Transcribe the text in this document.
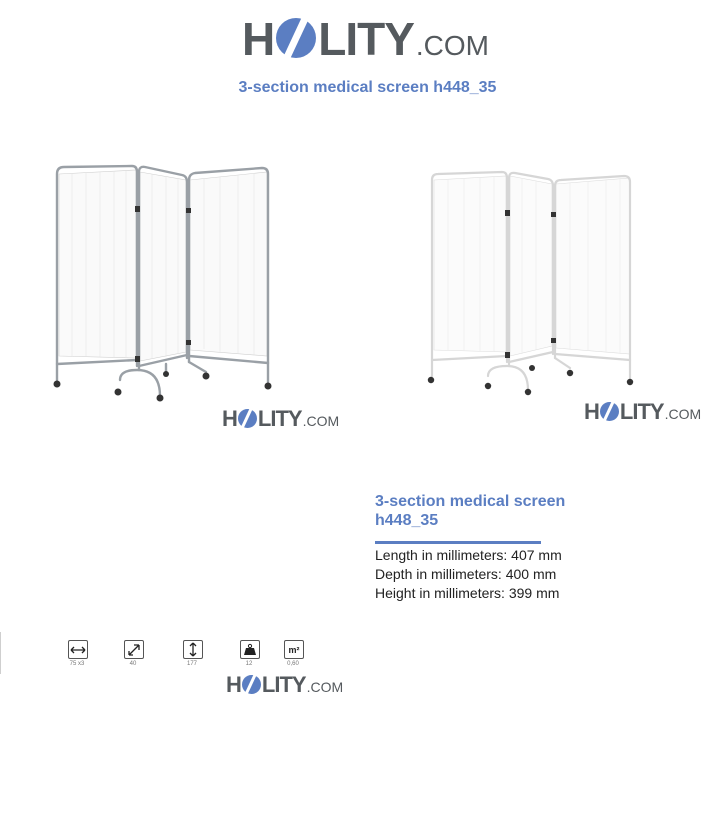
H LITY .COM
3-section medical screen h448_35
H LITY .COM	H LITY .COM
3-section medical screen h448_35
Length in millimeters: 407 mm
Depth in millimeters: 400 mm
Height in millimeters: 399 mm
75 x3	40	177	12
m²
0,60
H LITY .COM
